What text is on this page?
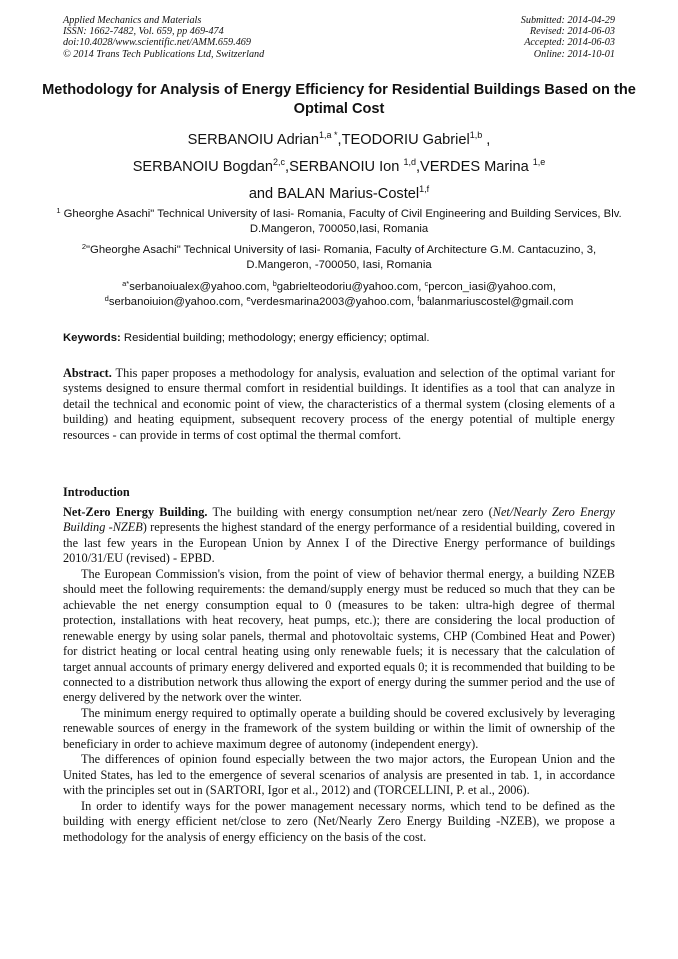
Applied Mechanics and Materials
ISSN: 1662-7482, Vol. 659, pp 469-474
doi:10.4028/www.scientific.net/AMM.659.469
© 2014 Trans Tech Publications Ltd, Switzerland
Submitted: 2014-04-29
Revised: 2014-06-03
Accepted: 2014-06-03
Online: 2014-10-01
Methodology for Analysis of Energy Efficiency for Residential Buildings Based on the Optimal Cost
SERBANOIU Adrian$^{1,a *}$,TEODORIU Gabriel$^{1,b}$ ,
SERBANOIU Bogdan$^{2,c}$,SERBANOIU Ion $^{1,d}$,VERDES Marina $^{1,e}$
and BALAN Marius-Costel$^{1,f}$
$^1$ Gheorghe Asachi" Technical University of Iasi- Romania, Faculty of Civil Engineering and Building Services, Blv. D.Mangeron, 700050,Iasi, Romania
$^2$"Gheorghe Asachi" Technical University of Iasi- Romania, Faculty of Architecture G.M. Cantacuzino, 3, D.Mangeron, -700050, Iasi, Romania
$^{a*}$serbanoiualex@yahoo.com, $^b$gabrielteodoriu@yahoo.com, $^c$percon_iasi@yahoo.com,
$^d$serbanoiuion@yahoo.com, $^e$verdesmarina2003@yahoo.com, $^f$balanmariuscostel@gmail.com
Keywords: Residential building; methodology; energy efficiency; optimal.
Abstract. This paper proposes a methodology for analysis, evaluation and selection of the optimal variant for systems designed to ensure thermal comfort in residential buildings. It identifies as a tool that can analyze in detail the technical and economic point of view, the characteristics of a thermal system (closing elements of a building) and heating equipment, subsequent recovery process of the energy potential of multiple energy resources - can provide in terms of cost optimal the thermal comfort.
Introduction

Net-Zero Energy Building. The building with energy consumption net/near zero (Net/Nearly Zero Energy Building -NZEB) represents the highest standard of the energy performance of a residential building, covered in the last few years in the European Union by Annex I of the Directive Energy performance of buildings 2010/31/EU (revised) - EPBD.

The European Commission's vision, from the point of view of behavior thermal energy, a building NZEB should meet the following requirements: the demand/supply energy must be reduced so much that they can be achievable the net energy consumption equal to 0 (measures to be taken: ultra-high degree of thermal protection, installations with heat recovery, heat pumps, etc.); there are considering the local production of renewable energy by using solar panels, thermal and photovoltaic systems, CHP (Combined Heat and Power) for district heating or local central heating using only renewable fuels; it is necessary that the calculation of target annual accounts of primary energy delivered and exported equals 0; it is recommended that building to be connected to a distribution network thus allowing the export of energy during the summer period and the use of energy delivered by the network over the winter.

The minimum energy required to optimally operate a building should be covered exclusively by leveraging renewable sources of energy in the framework of the system building or within the limit of ownership of the beneficiary in order to achieve maximum degree of autonomy (independent energy).

The differences of opinion found especially between the two major actors, the European Union and the United States, has led to the emergence of several scenarios of analysis are presented in tab. 1, in accordance with the principles set out in (SARTORI, Igor et al., 2012) and (TORCELLINI, P. et al., 2006).

In order to identify ways for the power management necessary norms, which tend to be defined as the building with energy efficient net/close to zero (Net/Nearly Zero Energy Building -NZEB), we propose a methodology for the analysis of energy efficiency on the basis of the cost.
